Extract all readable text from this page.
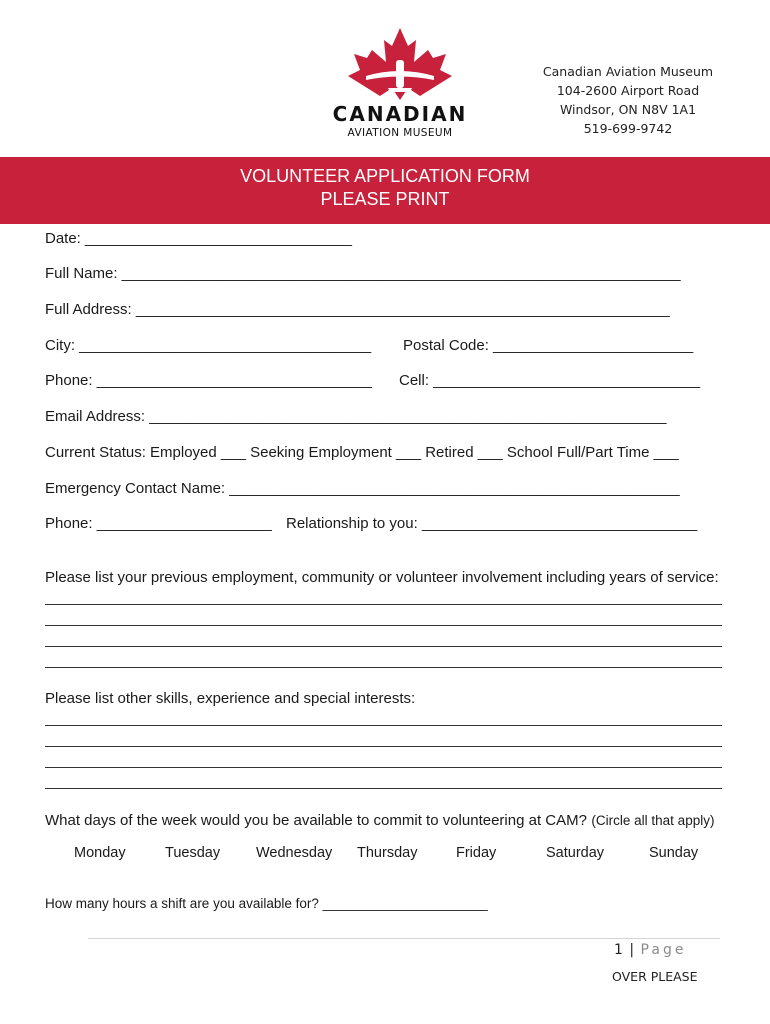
CANADIAN
AVIATION MUSEUM
Canadian Aviation Museum
104-2600 Airport Road
Windsor, ON N8V 1A1
519-699-9742
VOLUNTEER APPLICATION FORM
PLEASE PRINT
Date: ________________________________
Full Name: ___________________________________________________________________
Full Address: ________________________________________________________________
City: ___________________________________ Postal Code: ________________________
Phone: _________________________________ Cell: ________________________________
Email Address: ______________________________________________________________
Current Status: Employed ___ Seeking Employment ___ Retired ___ School Full/Part Time ___
Emergency Contact Name: ______________________________________________________
Phone: _____________________ Relationship to you: _________________________________
Please list your previous employment, community or volunteer involvement including years of service:
Please list other skills, experience and special interests:
What days of the week would you be available to commit to volunteering at CAM? (Circle all that apply)
Monday	Tuesday Wednesday Thursday	Friday	Saturday	Sunday
How many hours a shift are you available for? ______________________
1 | Page
OVER PLEASE
